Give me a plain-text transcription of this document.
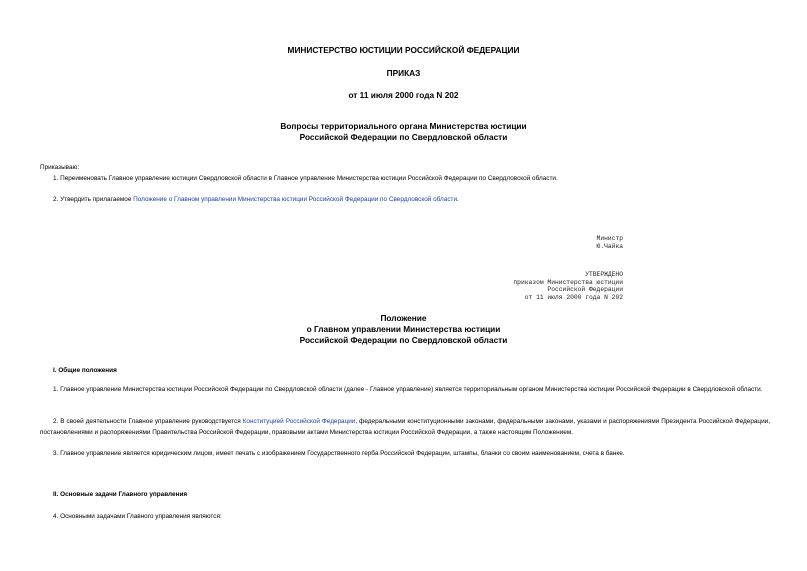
МИНИСТЕРСТВО ЮСТИЦИИ РОССИЙСКОЙ ФЕДЕРАЦИИ
ПРИКАЗ
от 11 июля 2000 года N 202
Вопросы территориального органа Министерства юстиции
Российской Федерации по Свердловской области
Приказываю:
1. Переименовать Главное управление юстиции Свердловской области в Главное управление Министерства юстиции Российской Федерации по Свердловской области.
2. Утвердить прилагаемое Положение о Главном управлении Министерства юстиции Российской Федерации по Свердловской области.
Министр
Ю.Чайка
УТВЕРЖДЕНО
приказом Министерства юстиции
Российской Федерации
от 11 июля 2000 года N 202
Положение
о Главном управлении Министерства юстиции
Российской Федерации по Свердловской области
I. Общие положения
1. Главное управление Министерства юстиции Российской Федерации по Свердловской области (далее - Главное управление) является территориальным органом Министерства юстиции Российской Федерации в Свердловской области.
2. В своей деятельности Главное управление руководствуется Конституцией Российской Федерации, федеральными конституционными законами, федеральными законами, указами и распоряжениями Президента Российской Федерации, постановлениями и распоряжениями Правительства Российской Федерации, правовыми актами Министерства юстиции Российской Федерации, а также настоящим Положением.
3. Главное управление является юридическим лицом, имеет печать с изображением Государственного герба Российской Федерации, штампы, бланки со своим наименованием, счета в банке.
II. Основные задачи Главного управления
4. Основными задачами Главного управления являются:
